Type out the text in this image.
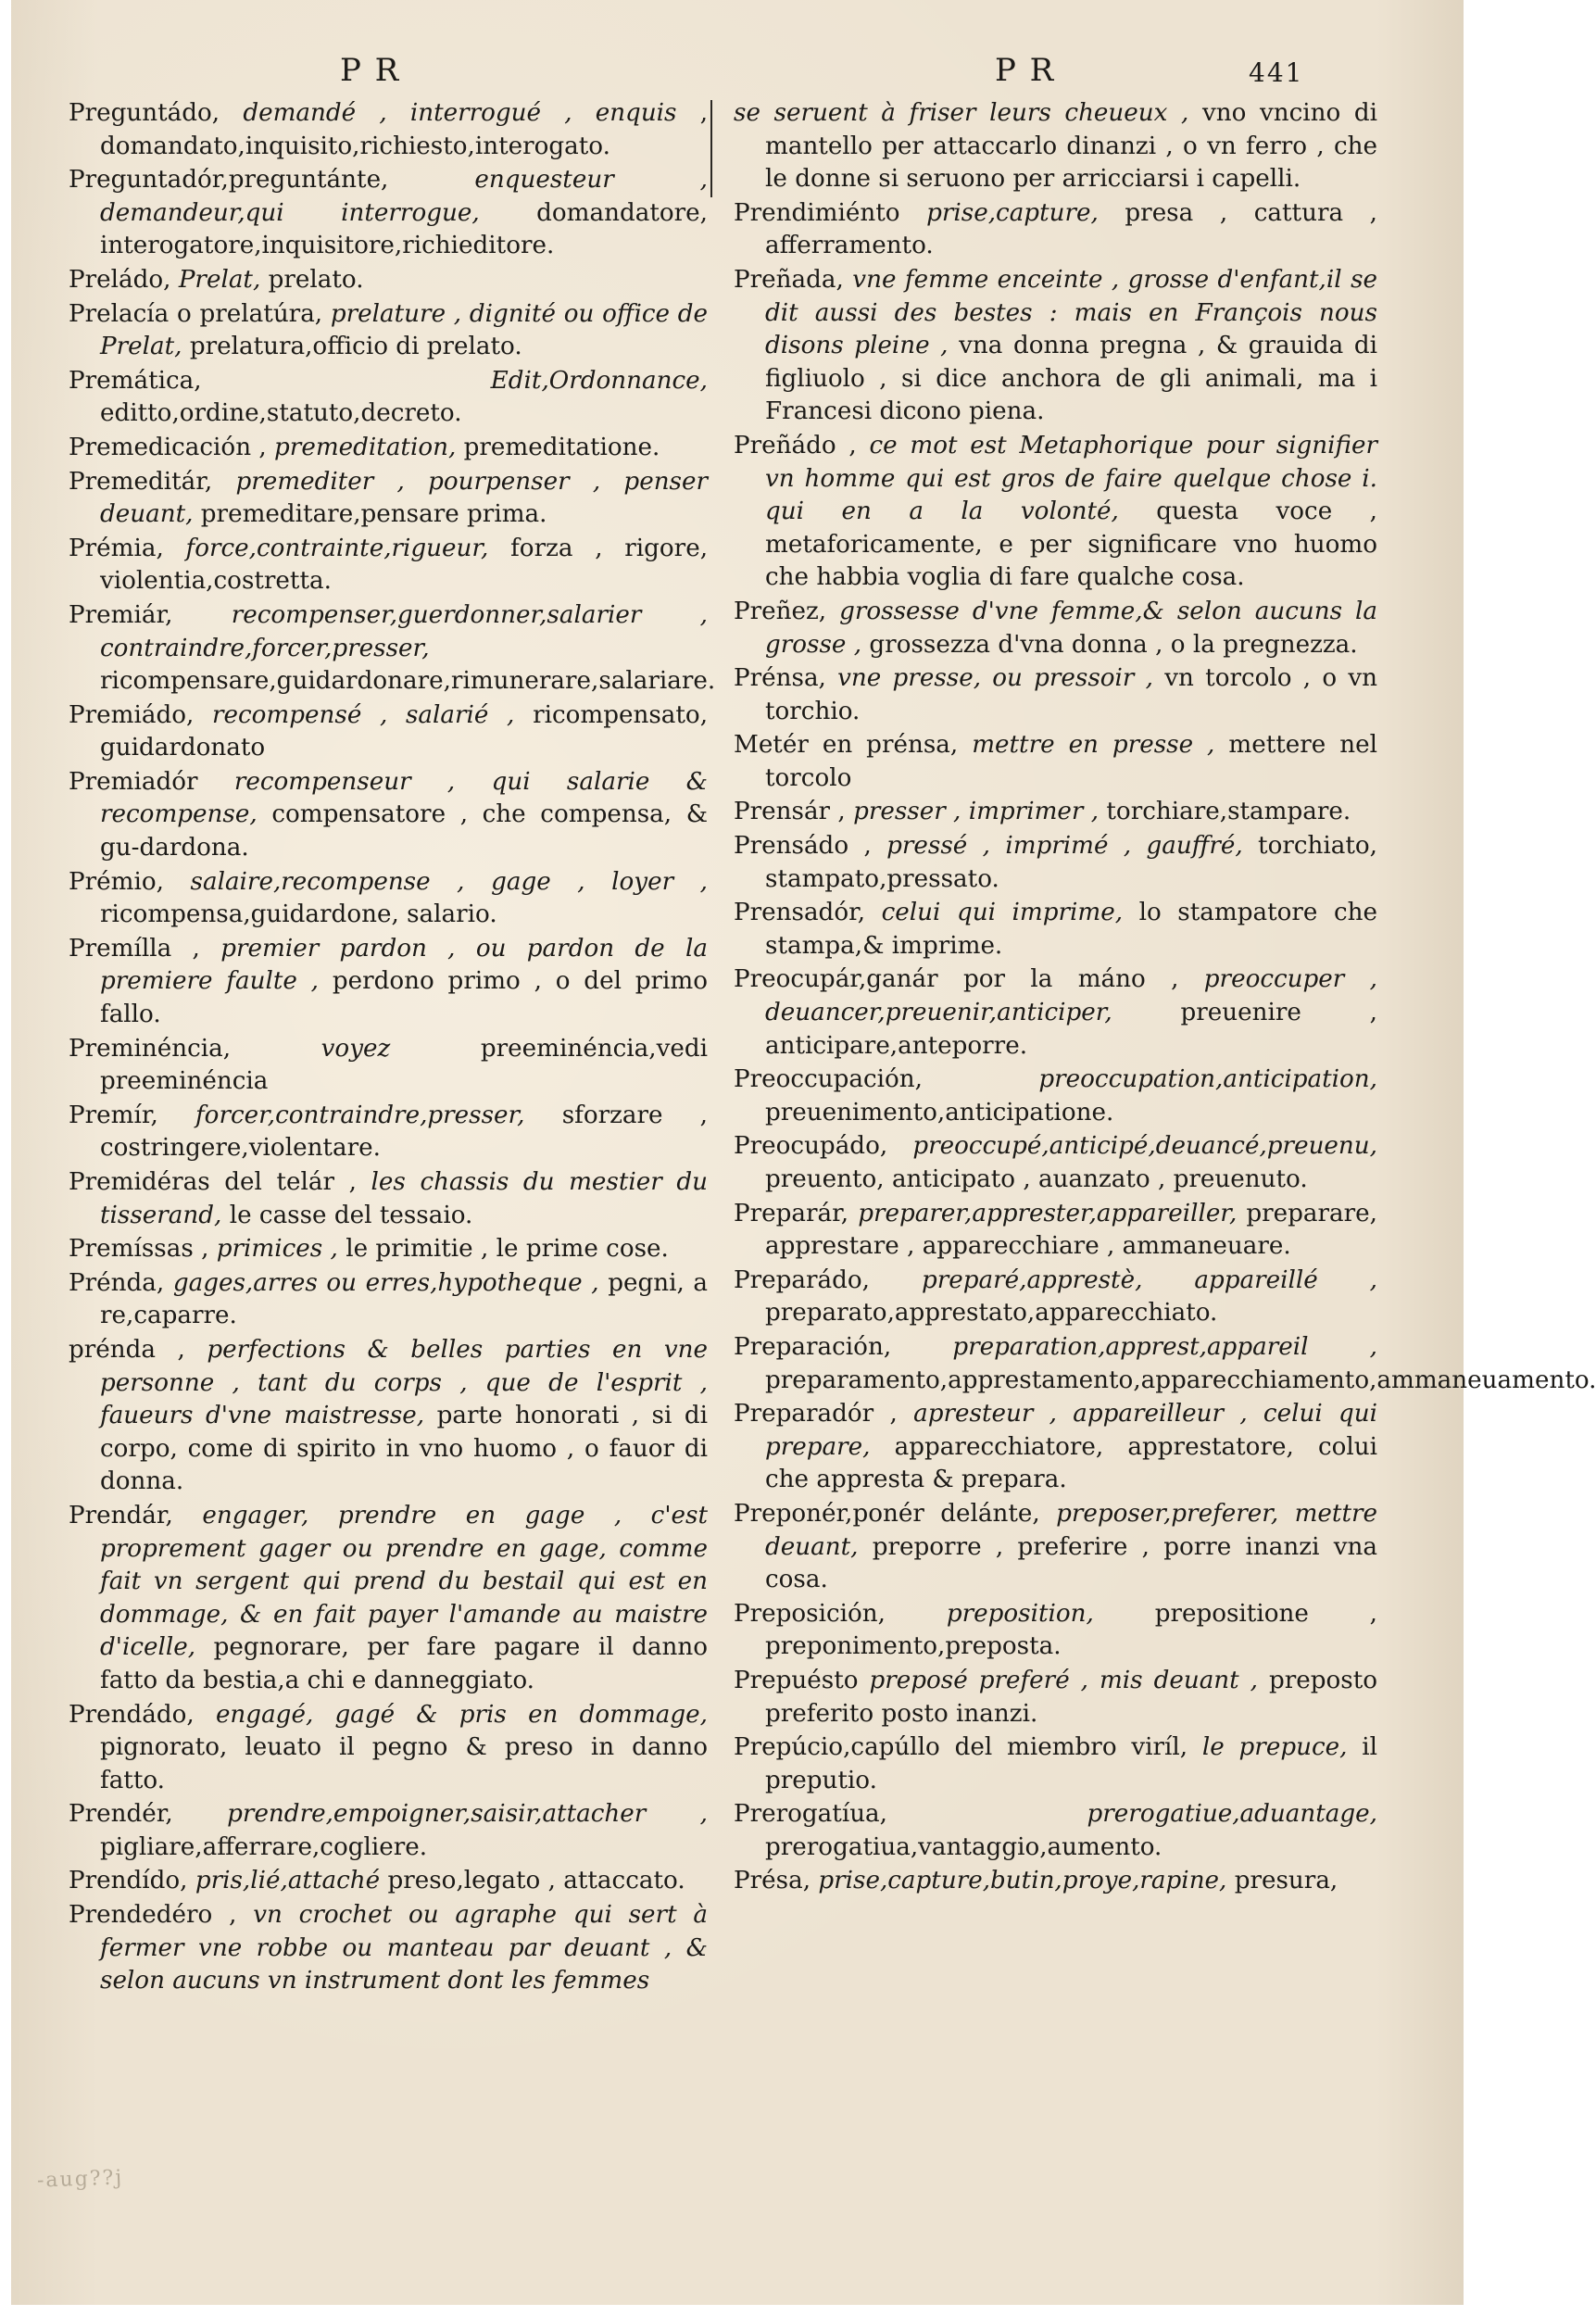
P R	P R	441
Preguntádo, demandé , interrogué , enquis , domandato,inquisito,richiesto,interogato.
Preguntadór,preguntánte,	enquesteur , demandeur,qui interrogue, domandatore, interogatore,inquisitore,richieditore.
Preládo, Prelat, prelato.
Prelacía o prelatúra, prelature , dignité ou office de Prelat, prelatura,officio di prelato.
Premática,	Edit,Ordonnance, editto,ordine,statuto,decreto.
Premedicación , premeditation, premeditatione.
Premeditár, premediter , pourpenser , penser deuant, premeditare,pensare prima.
Prémia, force,contrainte,rigueur, forza , rigore, violentia,costretta.
Premiár, recompenser,guerdonner,salarier , contraindre,forcer,presser, ricompensare,guidardonare,rimunerare,salariare.
Premiádo, recompensé , salarié , ricompensato, guidardonato
Premiadór recompenseur , qui salarie & recompense, compensatore , che compensa, & gu-dardona.
Prémio, salaire,recompense , gage , loyer , ricompensa,guidardone, salario.
Premílla , premier pardon , ou pardon de la premiere faulte , perdono primo , o del primo fallo.
Preminéncia,	voyez	preeminéncia,vedi preeminéncia
Premír, forcer,contraindre,presser, sforzare , costringere,violentare.
Premidéras del telár , les chassis du mestier du tisserand, le casse del tessaio.
Premíssas , primices , le primitie , le prime cose.
Prénda, gages,arres ou erres,hypotheque , pegni, a re,caparre.
prénda , perfections & belles parties en vne personne , tant du corps , que de l'esprit , faueurs d'vne maistresse, parte honorati , si di corpo, come di spirito in vno huomo , o fauor di donna.
Prendár, engager, prendre en gage , c'est proprement gager ou prendre en gage, comme fait vn sergent qui prend du bestail qui est en dommage, & en fait payer l'amande au maistre d'icelle, pegnorare, per fare pagare il danno fatto da bestia,a chi e danneggiato.
Prendádo, engagé, gagé & pris en dommage, pignorato, leuato il pegno & preso in danno fatto.
Prendér, prendre,empoigner,saisir,attacher , pigliare,afferrare,cogliere.
Prendído, pris,lié,attaché preso,legato , attaccato.
Prendedéro , vn crochet ou agraphe qui sert à fermer vne robbe ou manteau par deuant , & selon aucuns vn instrument dont les femmes
se seruent à friser leurs cheueux , vno vncino di mantello per attaccarlo dinanzi , o vn ferro , che le donne si seruono per arricciarsi i capelli.
Prendimiénto prise,capture, presa , cattura , afferramento.
Preñada, vne femme enceinte , grosse d'enfant,il se dit aussi des bestes : mais en François nous disons pleine , vna donna pregna , & grauida di figliuolo , si dice anchora de gli animali, ma i Francesi dicono piena.
Preñádo , ce mot est Metaphorique pour signifier vn homme qui est gros de faire quelque chose i. qui en a la volonté, questa voce , metaforicamente, e per significare vno huomo che habbia voglia di fare qualche cosa.
Preñez, grossesse d'vne femme,& selon aucuns la grosse , grossezza d'vna donna , o la pregnezza.
Prénsa, vne presse, ou pressoir , vn torcolo , o vn torchio.
Metér en prénsa, mettre en presse , mettere nel torcolo
Prensár , presser , imprimer , torchiare,stampare.
Prensádo , pressé , imprimé , gauffré, torchiato, stampato,pressato.
Prensadór, celui qui imprime, lo stampatore che stampa,& imprime.
Preocupár,ganár por la máno , preoccuper , deuancer,preuenir,anticiper,	preuenire , anticipare,anteporre.
Preoccupación,	preoccupation,anticipation, preuenimento,anticipatione.
Preocupádo, preoccupé,anticipé,deuancé,preuenu, preuento, anticipato , auanzato , preuenuto.
Preparár, preparer,apprester,appareiller, preparare, apprestare , apparecchiare , ammaneuare.
Preparádo, preparé,apprestè, appareillé , preparato,apprestato,apparecchiato.
Preparación,	preparation,apprest,appareil , preparamento,apprestamento,apparecchiamento,ammaneuamento.
Preparadór , apresteur , appareilleur , celui qui prepare, apparecchiatore, apprestatore, colui che appresta & prepara.
Preponér,ponér delánte, preposer,preferer, mettre deuant, preporre , preferire , porre inanzi vna cosa.
Preposición,	preposition,	prepositione , preponimento,preposta.
Prepuésto preposé preferé , mis deuant , preposto preferito posto inanzi.
Prepúcio,capúllo del miembro viríl, le prepuce, il preputio.
Prerogatíua,	prerogatiue,aduantage, prerogatiua,vantaggio,aumento.
Présa, prise,capture,butin,proye,rapine, presura,
-aug??j
